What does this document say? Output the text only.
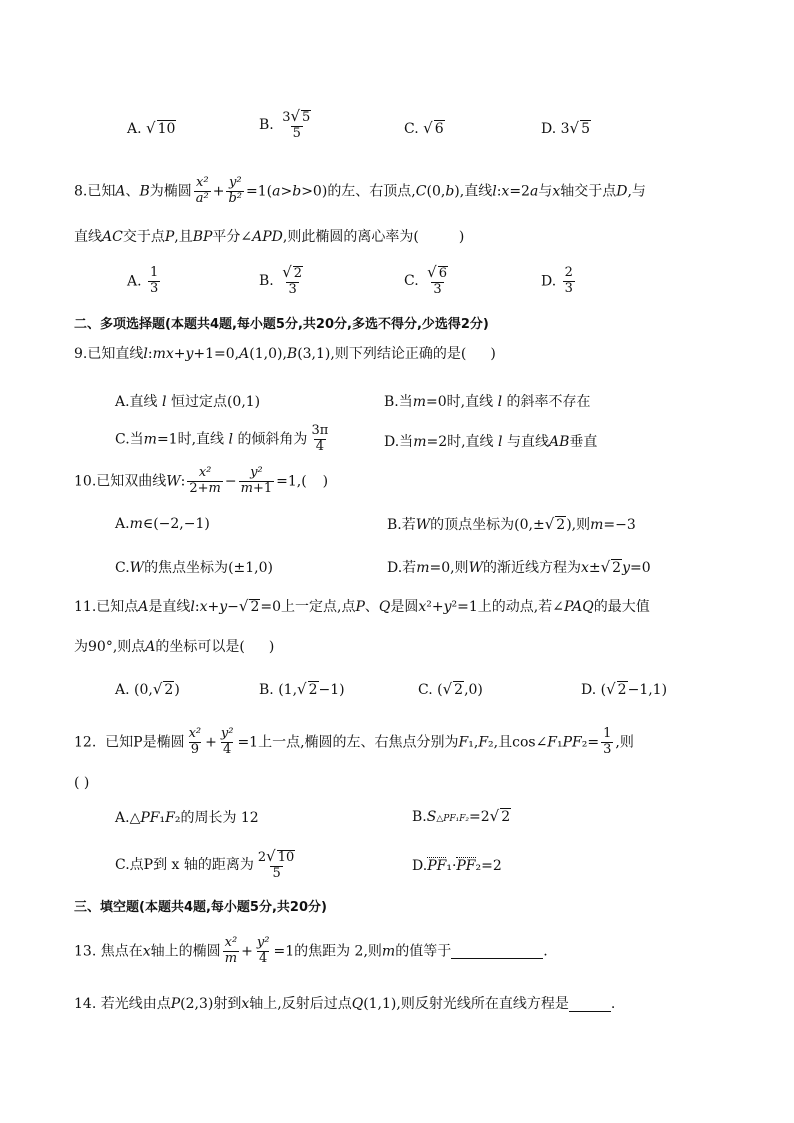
A. √ 10	B. $\frac{3√ 5}{5}$	C. √ 6	D. 3√ 5
8.已知A、B为椭圆 $\frac{\text{x²}}{\text{a²}} + \frac{\text{y²}}{\text{b²}} =1(a>b>0)$的左、右顶点,C(0,b),直线l:x=2a与x轴交于点D,与
直线AC交于点P,且BP平分∠APD,则此椭圆的离心率为(	)
A. $\frac{1}{3}$	B. $\frac{√ 2}{3}$	C. $\frac{√ 6}{3}$	D. $\frac{2}{3}$
二、多项选择题(本题共4题,每小题5分,共20分,多选不得分,少选得2分)
9.已知直线l:mx+y+1=0,A(1,0),B(3,1),则下列结论正确的是( )
A.直线 l 恒过定点(0,1)	B.当m=0时,直线 l 的斜率不存在
C.当m=1时,直线 l 的倾斜角为 $\frac{3\pi}{4}$	D.当m=2时,直线 l 与直线AB垂直
10.已知双曲线W: $\frac{\text{x²}}{2+m} - \frac{\text{y²}}{m+1} =1$,( )
A.m∈(−2,−1)	B.若W的顶点坐标为(0,±√ 2),则m=−3
C.W的焦点坐标为(±1,0)	D.若m=0,则W的渐近线方程为x±√ 2y=0
11.已知点A是直线l:x+y−√ 2=0上一定点,点P、Q是圆x²+y²=1上的动点,若∠PAQ的最大值
为90°,则点A的坐标可以是( )
A. (0,√ 2)	B. (1,√ 2−1)	C. (√ 2,0)	D. (√ 2−1,1)
12. 已知P是椭圆 $\frac{\text{x²}}{9} + \frac{\text{y²}}{4} =1$上一点,椭圆的左、右焦点分别为F₁,F₂,且cos∠F₁PF₂= $\frac{1}{3}$ ,则
( )
A.△PF₁F₂的周长为 12	B.S△PF₁F₂=2√ 2
C.点P到 x 轴的距离为 $\frac{2√ 10}{5}$	D.PF₁·PF₂=2
三、填空题(本题共4题,每小题5分,共20分)
13. 焦点在x轴上的椭圆 $\frac{\text{x²}}{m} + \frac{\text{y²}}{4} =1$的焦距为 2,则m的值等于	.
14. 若光线由点P(2,3)射到x轴上,反射后过点Q(1,1),则反射光线所在直线方程是	.
